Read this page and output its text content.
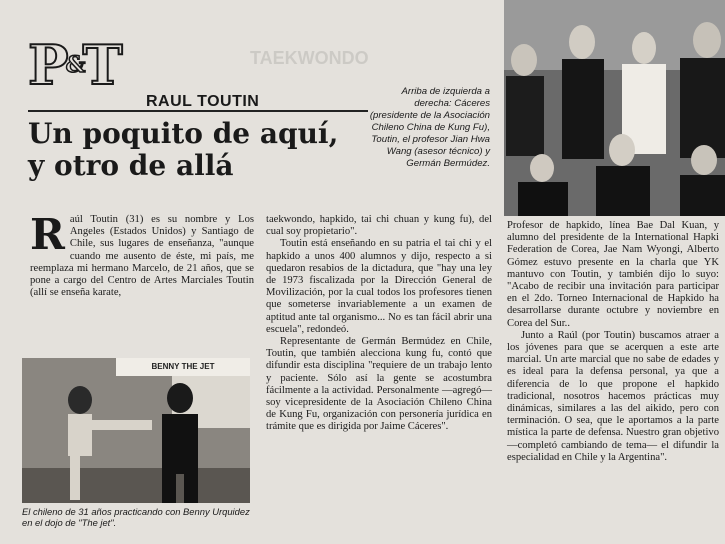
P&T
RAUL TOUTIN
Un poquito de aquí,
y otro de allá
TAEKWONDO
Arriba de izquierda a derecha: Cáceres (presidente de la Asociación Chileno China de Kung Fu), Toutin, el profesor Jian Hwa Wang (asesor técnico) y Germán Bermúdez.

Raúl Toutin (31) es su nombre y Los Angeles (Estados Unidos) y Santiago de Chile, sus lugares de enseñanza, "aunque cuando me ausento de éste, mi país, me reemplaza mi hermano Marcelo, de 21 años, que se pone a cargo del Centro de Artes Marciales Toutin (allí se enseña karate,

taekwondo, hapkido, tai chi chuan y kung fu), del cual soy propietario".

Toutin está enseñando en su patria el tai chi y el hapkido a unos 400 alumnos y dijo, respecto a si quedaron resabios de la dictadura, que "hay una ley de 1973 fiscalizada por la Dirección General de Movilización, por la cual todos los profesores tienen que someterse invariablemente a un examen de aptitud ante tal organismo... No es tan fácil abrir una escuela", redondeó.

Representante de Germán Bermúdez en Chile, Toutin, que también alecciona kung fu, contó que difundir esta disciplina "requiere de un trabajo lento y paciente. Sólo así la gente se acostumbra fácilmente a la actividad. Personalmente —agregó— soy vicepresidente de la Asociación Chileno China de Kung Fu, organización con personería jurídica en trámite que es dirigida por Jaime Cáceres".

Profesor de hapkido, línea Bae Dal Kuan, y alumno del presidente de la International Hapki Federation de Corea, Jae Nam Wyongi, Alberto Gómez estuvo presente en la charla que YK mantuvo con Toutin, y también dijo lo suyo: "Acabo de recibir una invitación para participar en el 2do. Torneo Internacional de Hapkido ha desarrollarse durante octubre y noviembre en Corea del Sur..

Junto a Raúl (por Toutin) buscamos atraer a los jóvenes para que se acerquen a este arte marcial. Un arte marcial que no sabe de edades y es ideal para la defensa personal, ya que a diferencia de lo que propone el hapkido tradicional, nosotros hacemos prácticas muy dinámicas, similares a las del aikido, pero con terminación. O sea, que le aportamos a la parte mística la parte de defensa. Nuestro gran objetivo —completó cambiando de tema— el difundir la especialidad en Chile y la Argentina".

BENNY THE JET
El chileno de 31 años practicando con Benny Urquidez en el dojo de "The jet".
